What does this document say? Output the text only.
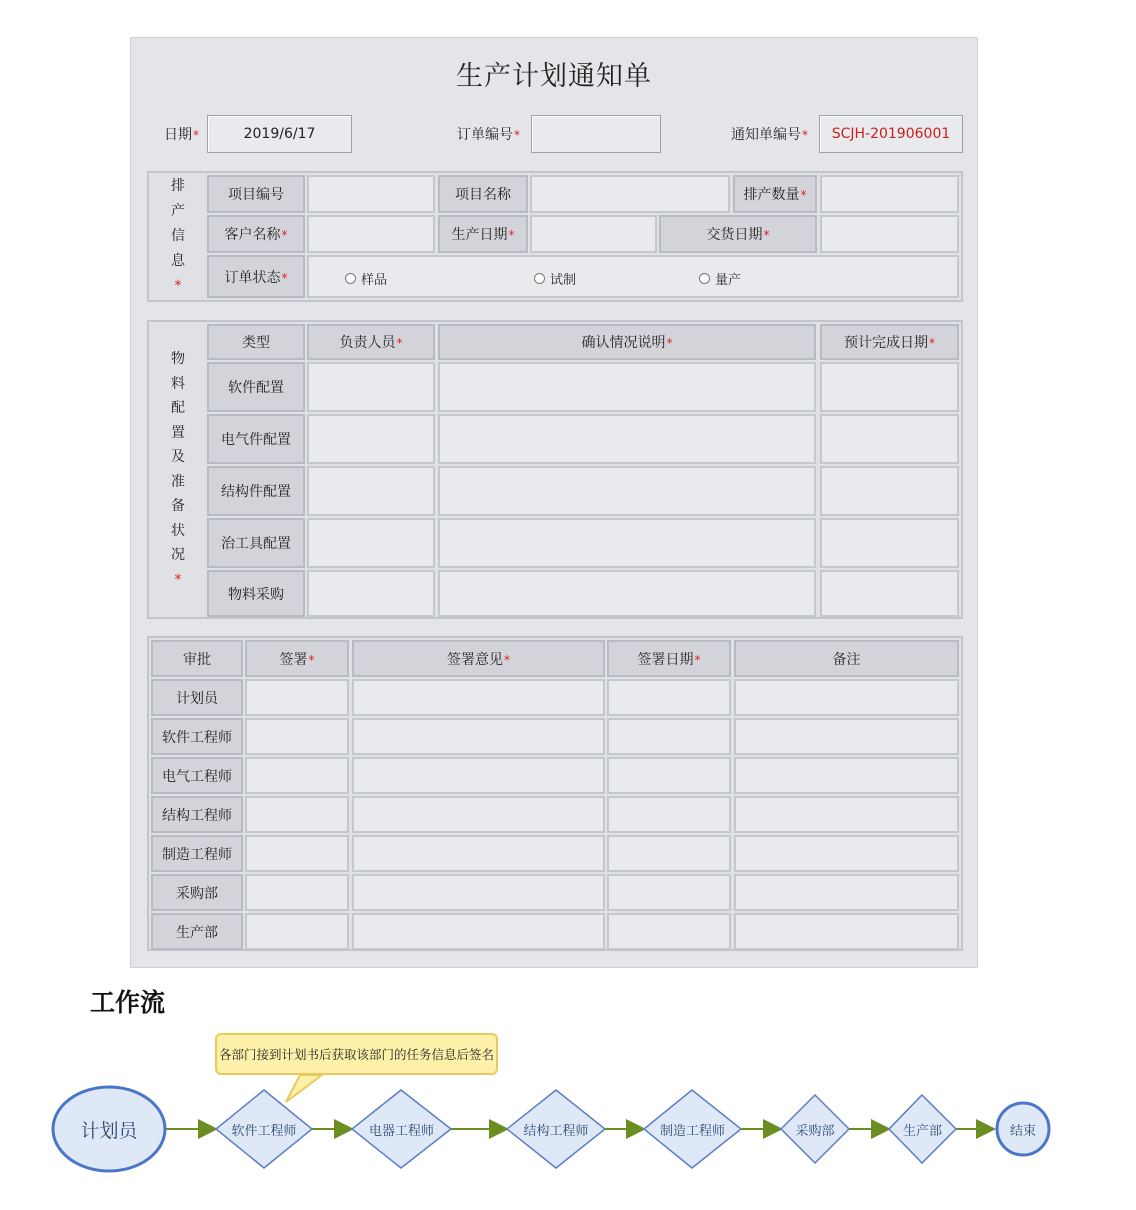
生产计划通知单
日期 *	2019/6/17	订单编号 *	通知单编号 *	SCJH-201906001
排
产
信
息
*
项目编号	项目名称	排产数量 *
客户名称 *	生产日期 *	交货日期 *
订单状态 *	样品	试制	量产
物
料
配
置
及
准
备
状
况
*
类型	负责人员 *	确认情况说明 *	预计完成日期 *
软件配置
电气件配置
结构件配置
治工具配置
物料采购
审批	签署 *	签署意见 *	签署日期 *	备注
计划员
软件工程师
电气工程师
结构工程师
制造工程师
采购部
生产部
工作流
各部门接到计划书后获取该部门的任务信息后签名
计划员	软件工程师	电器工程师	结构工程师	制造工程师	采购部	生产部	结束
